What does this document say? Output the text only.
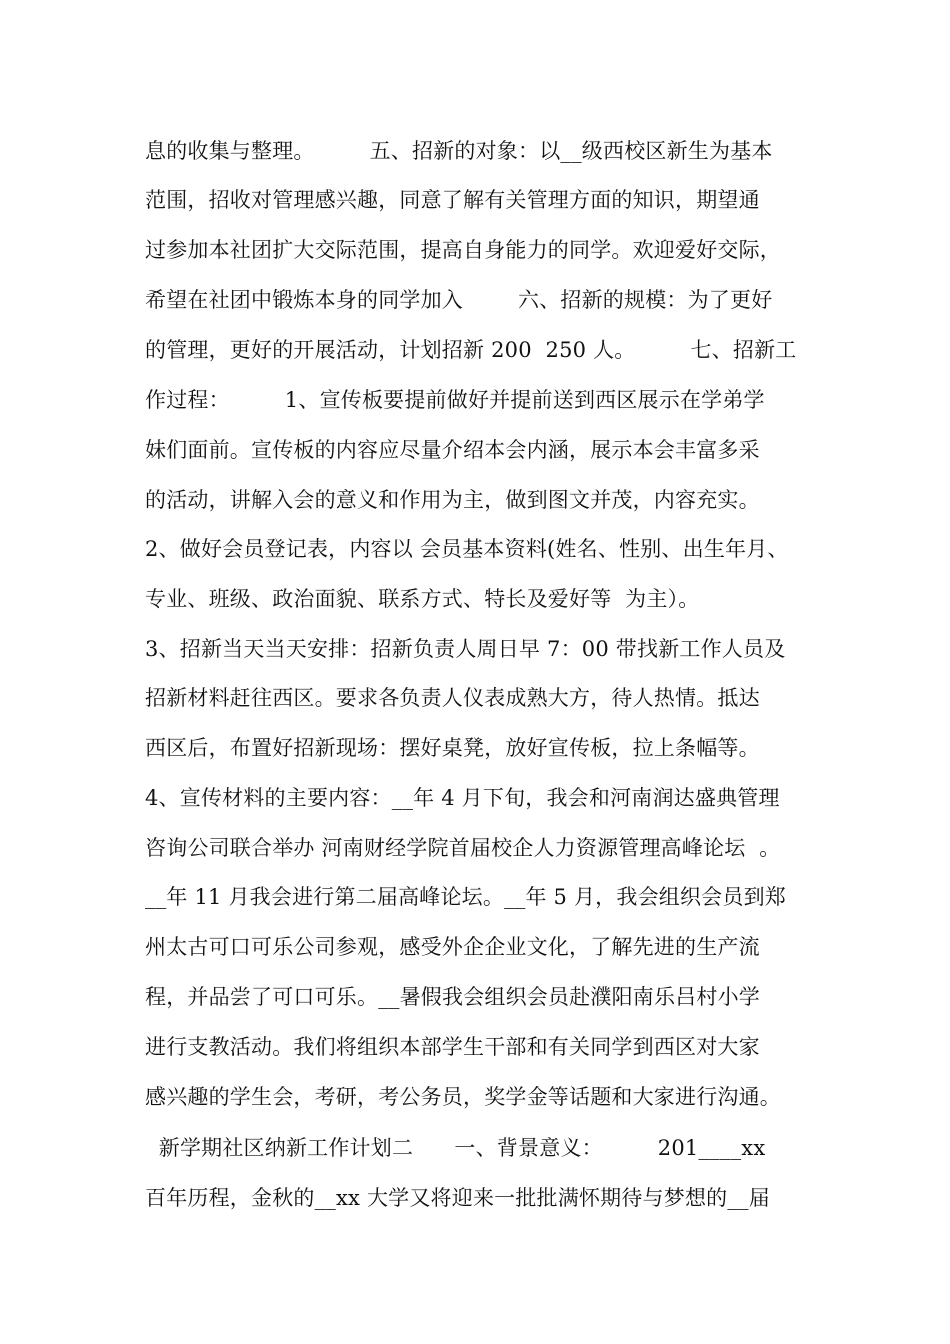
息的收集与整理。        五、招新的对象：以__级西校区新生为基本
范围，招收对管理感兴趣，同意了解有关管理方面的知识，期望通
过参加本社团扩大交际范围，提高自身能力的同学。欢迎爱好交际，
希望在社团中锻炼本身的同学加入        六、招新的规模：为了更好
的管理，更好的开展活动，计划招新 200  250 人。        七、招新工
作过程：        1、宣传板要提前做好并提前送到西区展示在学弟学
妹们面前。宣传板的内容应尽量介绍本会内涵，展示本会丰富多采
的活动，讲解入会的意义和作用为主，做到图文并茂，内容充实。
2、做好会员登记表，内容以 会员基本资料(姓名、性别、出生年月、
专业、班级、政治面貌、联系方式、特长及爱好等  为主）。
3、招新当天当天安排：招新负责人周日早 7：00 带找新工作人员及
招新材料赶往西区。要求各负责人仪表成熟大方，待人热情。抵达
西区后，布置好招新现场：摆好桌凳，放好宣传板，拉上条幅等。
4、宣传材料的主要内容：__年 4 月下旬，我会和河南润达盛典管理
咨询公司联合举办 河南财经学院首届校企人力资源管理高峰论坛  。
__年 11 月我会进行第二届高峰论坛。__年 5 月，我会组织会员到郑
州太古可口可乐公司参观，感受外企企业文化，了解先进的生产流
程，并品尝了可口可乐。__暑假我会组织会员赴濮阳南乐吕村小学
进行支教活动。我们将组织本部学生干部和有关同学到西区对大家
感兴趣的学生会，考研，考公务员，奖学金等话题和大家进行沟通。
新学期社区纳新工作计划二      一、背景意义：        201____xx
百年历程，金秋的__xx 大学又将迎来一批批满怀期待与梦想的__届
